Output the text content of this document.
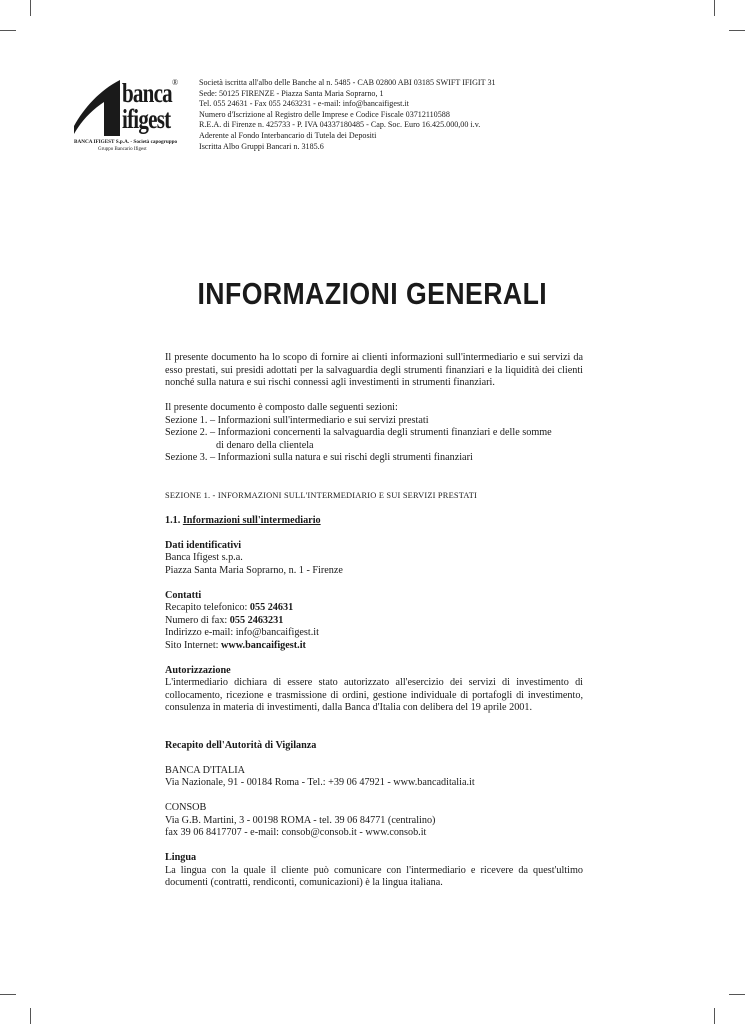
banca
ifigest
®
BANCA IFIGEST S.p.A. - Società capogruppo
Gruppo Bancario Ifigest
Società iscritta all'albo delle Banche al n. 5485 - CAB 02800 ABI 03185 SWIFT IFIGIT 31
Sede: 50125 FIRENZE - Piazza Santa Maria Soprarno, 1
Tel. 055 24631 - Fax 055 2463231 - e-mail: info@bancaifigest.it
Numero d'Iscrizione al Registro delle Imprese e Codice Fiscale 03712110588
R.E.A. di Firenze n. 425733 - P. IVA 04337180485 - Cap. Soc. Euro 16.425.000,00 i.v.
Aderente al Fondo Interbancario di Tutela dei Depositi
Iscritta Albo Gruppi Bancari n. 3185.6
INFORMAZIONI GENERALI

Il presente documento ha lo scopo di fornire ai clienti informazioni sull'intermediario e sui servizi da esso prestati, sui presidi adottati per la salvaguardia degli strumenti finanziari e la liquidità dei clienti nonché sulla natura e sui rischi connessi agli investimenti in strumenti finanziari.

Il presente documento è composto dalle seguenti sezioni:

Sezione 1. – Informazioni sull'intermediario e sui servizi prestati

Sezione 2. – Informazioni concernenti la salvaguardia degli strumenti finanziari e delle somme

di denaro della clientela

Sezione 3. – Informazioni sulla natura e sui rischi degli strumenti finanziari

SEZIONE 1. - INFORMAZIONI SULL'INTERMEDIARIO E SUI SERVIZI PRESTATI

1.1. Informazioni sull'intermediario

Dati identificativi

Banca Ifigest s.p.a.

Piazza Santa Maria Soprarno, n. 1 - Firenze

Contatti

Recapito telefonico: 055 24631

Numero di fax: 055 2463231

Indirizzo e-mail: info@bancaifigest.it

Sito Internet: www.bancaifigest.it

Autorizzazione

L'intermediario dichiara di essere stato autorizzato all'esercizio dei servizi di investimento di collocamento, ricezione e trasmissione di ordini, gestione individuale di portafogli di investimento, consulenza in materia di investimenti, dalla Banca d'Italia con delibera del 19 aprile 2001.

Recapito dell'Autorità di Vigilanza

BANCA D'ITALIA

Via Nazionale, 91 - 00184 Roma - Tel.: +39 06 47921 - www.bancaditalia.it

CONSOB

Via G.B. Martini, 3 - 00198 ROMA - tel. 39 06 84771 (centralino)

fax 39 06 8417707 - e-mail: consob@consob.it - www.consob.it

Lingua

La lingua con la quale il cliente può comunicare con l'intermediario e ricevere da quest'ultimo documenti (contratti, rendiconti, comunicazioni) è la lingua italiana.
